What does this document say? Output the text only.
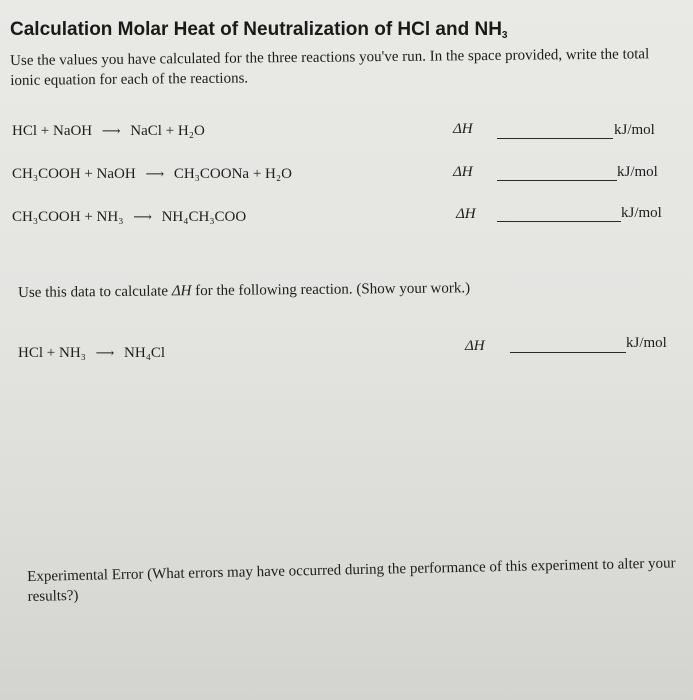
Calculation Molar Heat of Neutralization of HCl and $NH_3$
Use the values you have calculated for the three reactions you've run. In the space provided, write the total ionic equation for each of the reactions.
HCl + NaOH ⟶ NaCl + H₂O	ΔH	kJ/mol
CH₃COOH + NaOH ⟶ CH₃COONa + H₂O	ΔH	kJ/mol
CH₃COOH + NH₃ ⟶ NH₄CH₃COO	ΔH	kJ/mol
Use this data to calculate ΔH for the following reaction. (Show your work.)
HCl + NH₃ ⟶ NH₄Cl	ΔH	kJ/mol
Experimental Error (What errors may have occurred during the performance of this experiment to alter your results?)
